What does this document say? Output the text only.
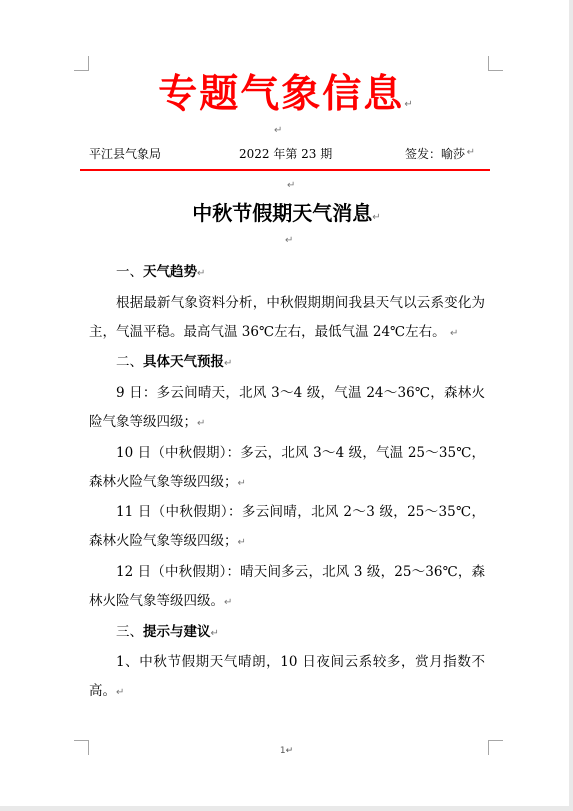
专题气象信息↵
↵
平江县气象局	2022 年第 23 期	签发：喻莎 ↵
↵
中秋节假期天气消息↵
↵

一、天气趋势↵

根据最新气象资料分析，中秋假期期间我县天气以云系变化为主，气温平稳。最高气温 36℃左右，最低气温 24℃左右。 ↵

二、具体天气预报↵

9 日：多云间晴天，北风 3～4 级，气温 24～36℃，森林火险气象等级四级；↵

10 日（中秋假期）：多云，北风 3～4 级，气温 25～35℃，森林火险气象等级四级；↵

11 日（中秋假期）：多云间晴，北风 2～3 级，25～35℃，森林火险气象等级四级；↵

12 日（中秋假期）：晴天间多云，北风 3 级，25～36℃，森林火险气象等级四级。↵

三、提示与建议↵

1、中秋节假期天气晴朗，10 日夜间云系较多，赏月指数不高。↵

1↵
